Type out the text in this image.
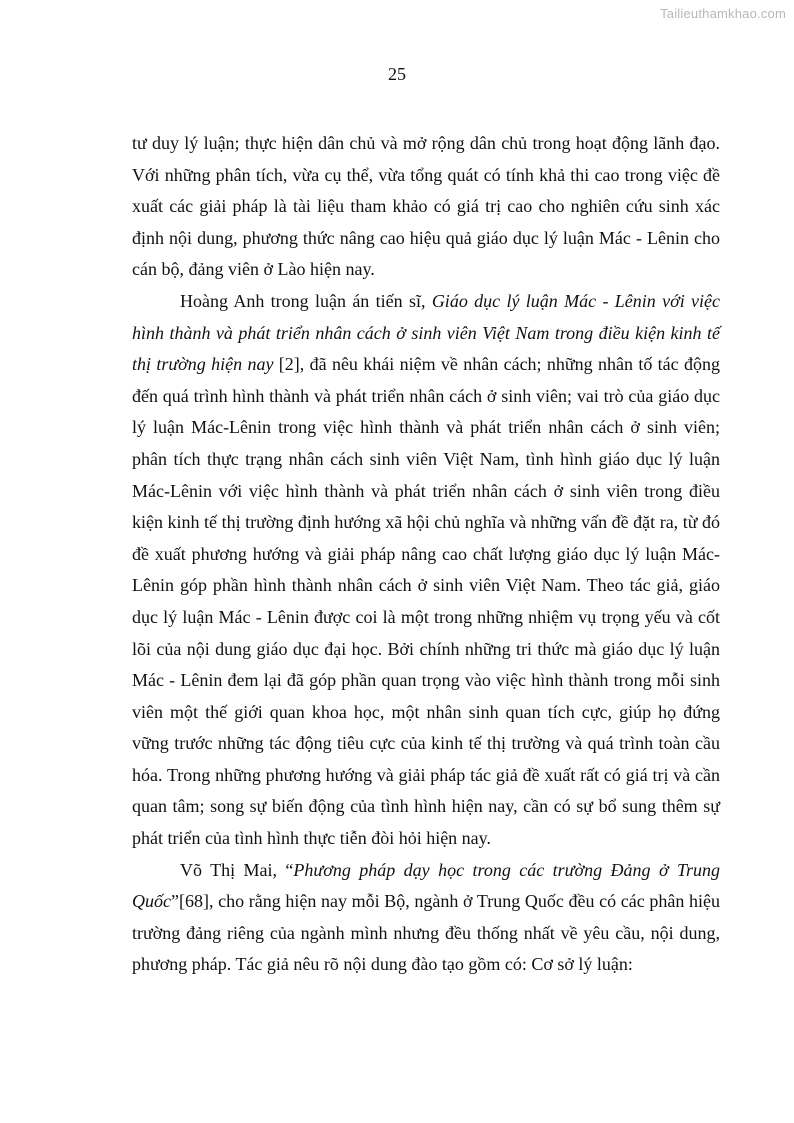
Tailieuthamkhao.com
25

tư duy lý luận; thực hiện dân chủ và mở rộng dân chủ trong hoạt động lãnh đạo. Với những phân tích, vừa cụ thể, vừa tổng quát có tính khả thi cao trong việc đề xuất các giải pháp là tài liệu tham khảo có giá trị cao cho nghiên cứu sinh xác định nội dung, phương thức nâng cao hiệu quả giáo dục lý luận Mác - Lênin cho cán bộ, đảng viên ở Lào hiện nay.

Hoàng Anh trong luận án tiến sĩ, Giáo dục lý luận Mác - Lênin với việc hình thành và phát triển nhân cách ở sinh viên Việt Nam trong điều kiện kinh tế thị trường hiện nay [2], đã nêu khái niệm về nhân cách; những nhân tố tác động đến quá trình hình thành và phát triển nhân cách ở sinh viên; vai trò của giáo dục lý luận Mác-Lênin trong việc hình thành và phát triển nhân cách ở sinh viên; phân tích thực trạng nhân cách sinh viên Việt Nam, tình hình giáo dục lý luận Mác-Lênin với việc hình thành và phát triển nhân cách ở sinh viên trong điều kiện kinh tế thị trường định hướng xã hội chủ nghĩa và những vấn đề đặt ra, từ đó đề xuất phương hướng và giải pháp nâng cao chất lượng giáo dục lý luận Mác-Lênin góp phần hình thành nhân cách ở sinh viên Việt Nam. Theo tác giả, giáo dục lý luận Mác - Lênin được coi là một trong những nhiệm vụ trọng yếu và cốt lõi của nội dung giáo dục đại học. Bởi chính những tri thức mà giáo dục lý luận Mác - Lênin đem lại đã góp phần quan trọng vào việc hình thành trong mỗi sinh viên một thế giới quan khoa học, một nhân sinh quan tích cực, giúp họ đứng vững trước những tác động tiêu cực của kinh tế thị trường và quá trình toàn cầu hóa. Trong những phương hướng và giải pháp tác giả đề xuất rất có giá trị và cần quan tâm; song sự biến động của tình hình hiện nay, cần có sự bổ sung thêm sự phát triển của tình hình thực tiễn đòi hỏi hiện nay.

Võ Thị Mai, “Phương pháp dạy học trong các trường Đảng ở Trung Quốc”[68], cho rằng hiện nay mỗi Bộ, ngành ở Trung Quốc đều có các phân hiệu trường đảng riêng của ngành mình nhưng đều thống nhất về yêu cầu, nội dung, phương pháp. Tác giả nêu rõ nội dung đào tạo gồm có: Cơ sở lý luận:
